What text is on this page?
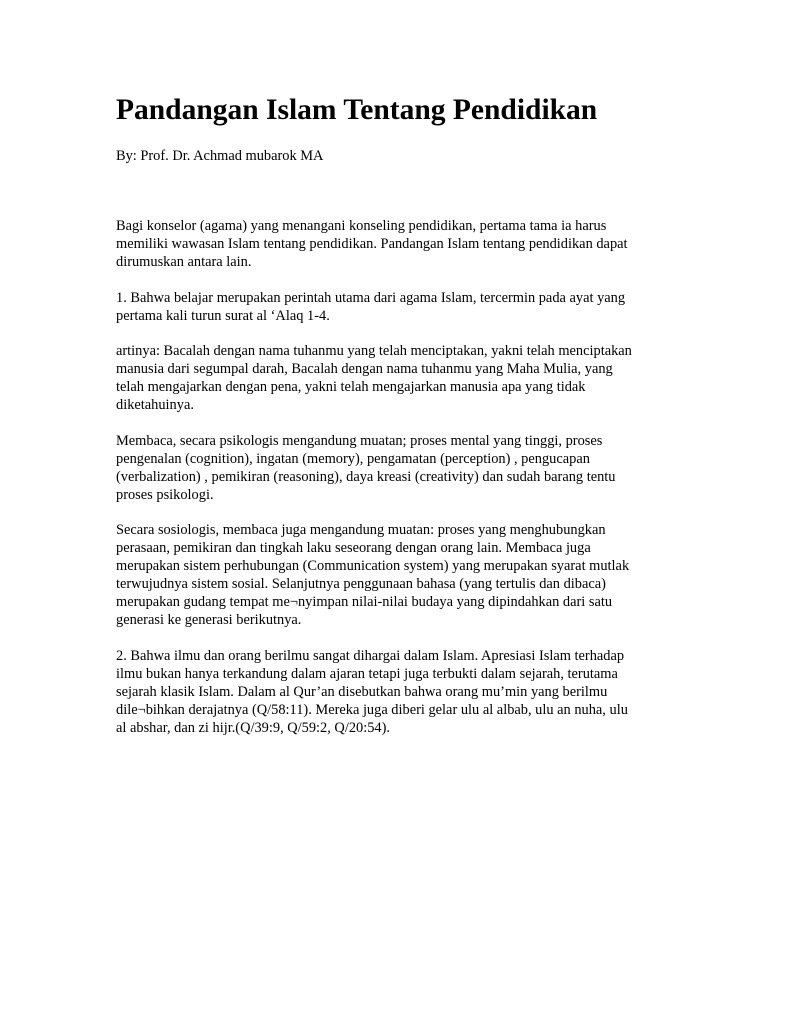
Pandangan Islam Tentang Pendidikan

By: Prof. Dr. Achmad mubarok MA

Bagi konselor (agama) yang menangani konseling pendidikan, pertama tama ia harus
memiliki wawasan Islam tentang pendidikan. Pandangan Islam tentang pendidikan dapat
dirumuskan antara lain.

1. Bahwa belajar merupakan perintah utama dari agama Islam, tercermin pada ayat yang
pertama kali turun surat al ‘Alaq 1-4.

artinya: Bacalah dengan nama tuhanmu yang telah menciptakan, yakni telah menciptakan
manusia dari segumpal darah, Bacalah dengan nama tuhanmu yang Maha Mulia, yang
telah mengajarkan dengan pena, yakni telah mengajarkan manusia apa yang tidak
diketahuinya.

Membaca, secara psikologis mengandung muatan; proses mental yang tinggi, proses
pengenalan (cognition), ingatan (memory), pengamatan (perception) , pengucapan
(verbalization) , pemikiran (reasoning), daya kreasi (creativity) dan sudah barang tentu
proses psikologi.

Secara sosiologis, membaca juga mengandung muatan: proses yang menghubungkan
perasaan, pemikiran dan tingkah laku seseorang dengan orang lain. Membaca juga
merupakan sistem perhubungan (Communication system) yang merupakan syarat mutlak
terwujudnya sistem sosial. Selanjutnya penggunaan bahasa (yang tertulis dan dibaca)
merupakan gudang tempat me¬nyimpan nilai-nilai budaya yang dipindahkan dari satu
generasi ke generasi berikutnya.

2. Bahwa ilmu dan orang berilmu sangat dihargai dalam Islam. Apresiasi Islam terhadap
ilmu bukan hanya terkandung dalam ajaran tetapi juga terbukti dalam sejarah, terutama
sejarah klasik Islam. Dalam al Qur’an disebutkan bahwa orang mu’min yang berilmu
dile¬bihkan derajatnya (Q/58:11). Mereka juga diberi gelar ulu al albab, ulu an nuha, ulu
al abshar, dan zi hijr.(Q/39:9, Q/59:2, Q/20:54).
